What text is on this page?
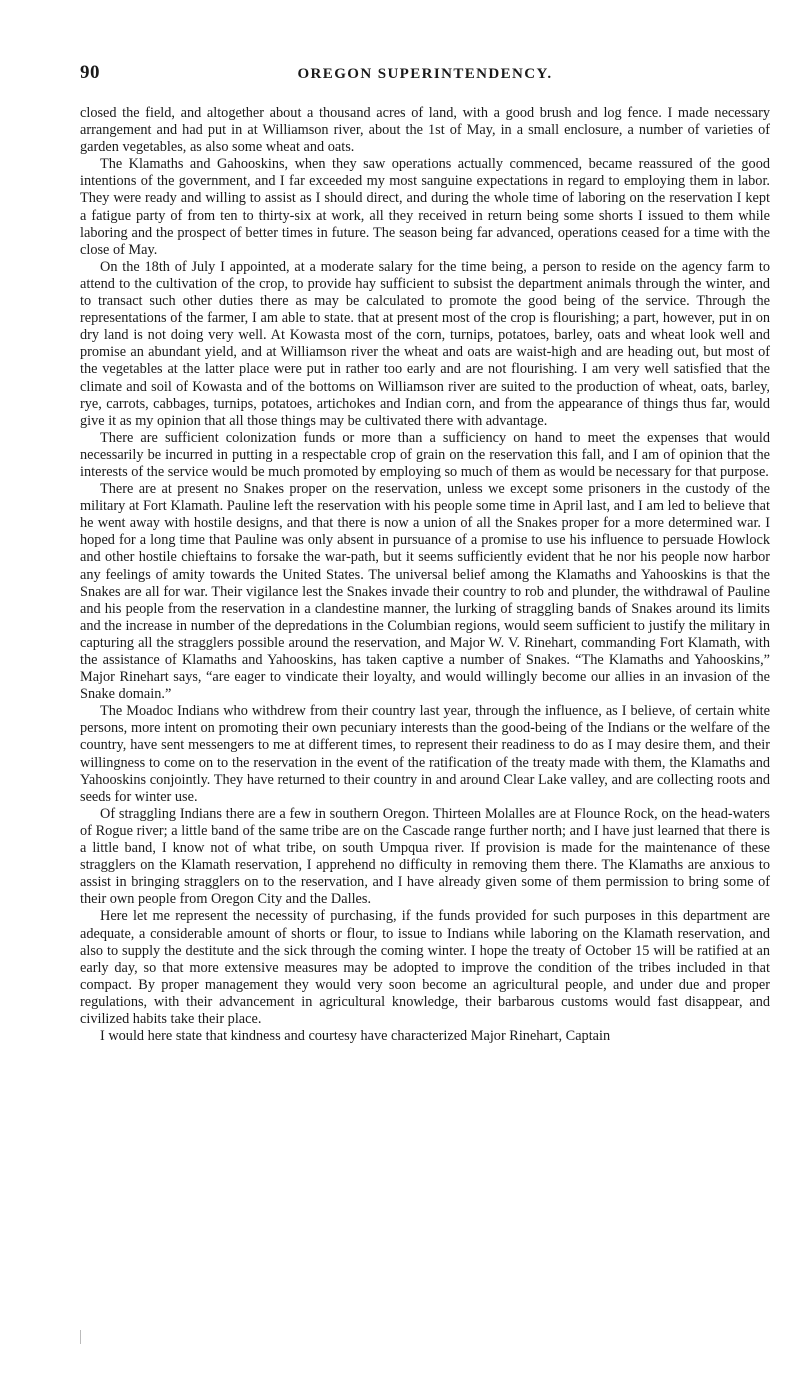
90	OREGON SUPERINTENDENCY.

closed the field, and altogether about a thousand acres of land, with a good brush and log fence. I made necessary arrangement and had put in at Williamson river, about the 1st of May, in a small enclosure, a number of varieties of garden vegetables, as also some wheat and oats.

The Klamaths and Gahooskins, when they saw operations actually commenced, became reassured of the good intentions of the government, and I far exceeded my most sanguine expectations in regard to employing them in labor. They were ready and willing to assist as I should direct, and during the whole time of laboring on the reservation I kept a fatigue party of from ten to thirty-six at work, all they received in return being some shorts I issued to them while laboring and the prospect of better times in future. The season being far advanced, operations ceased for a time with the close of May.

On the 18th of July I appointed, at a moderate salary for the time being, a person to reside on the agency farm to attend to the cultivation of the crop, to provide hay sufficient to subsist the department animals through the winter, and to transact such other duties there as may be calculated to promote the good being of the service. Through the representations of the farmer, I am able to state. that at present most of the crop is flourishing; a part, however, put in on dry land is not doing very well. At Kowasta most of the corn, turnips, potatoes, barley, oats and wheat look well and promise an abundant yield, and at Williamson river the wheat and oats are waist-high and are heading out, but most of the vegetables at the latter place were put in rather too early and are not flourishing. I am very well satisfied that the climate and soil of Kowasta and of the bottoms on Williamson river are suited to the production of wheat, oats, barley, rye, carrots, cabbages, turnips, potatoes, artichokes and Indian corn, and from the appearance of things thus far, would give it as my opinion that all those things may be cultivated there with advantage.

There are sufficient colonization funds or more than a sufficiency on hand to meet the expenses that would necessarily be incurred in putting in a respectable crop of grain on the reservation this fall, and I am of opinion that the interests of the service would be much promoted by employing so much of them as would be necessary for that purpose.

There are at present no Snakes proper on the reservation, unless we except some prisoners in the custody of the military at Fort Klamath. Pauline left the reservation with his people some time in April last, and I am led to believe that he went away with hostile designs, and that there is now a union of all the Snakes proper for a more determined war. I hoped for a long time that Pauline was only absent in pursuance of a promise to use his influence to persuade Howlock and other hostile chieftains to forsake the war-path, but it seems sufficiently evident that he nor his people now harbor any feelings of amity towards the United States. The universal belief among the Klamaths and Yahooskins is that the Snakes are all for war. Their vigilance lest the Snakes invade their country to rob and plunder, the withdrawal of Pauline and his people from the reservation in a clandestine manner, the lurking of straggling bands of Snakes around its limits and the increase in number of the depredations in the Columbian regions, would seem sufficient to justify the military in capturing all the stragglers possible around the reservation, and Major W. V. Rinehart, commanding Fort Klamath, with the assistance of Klamaths and Yahooskins, has taken captive a number of Snakes. “The Klamaths and Yahooskins,” Major Rinehart says, “are eager to vindicate their loyalty, and would willingly become our allies in an invasion of the Snake domain.”

The Moadoc Indians who withdrew from their country last year, through the influence, as I believe, of certain white persons, more intent on promoting their own pecuniary interests than the good-being of the Indians or the welfare of the country, have sent messengers to me at different times, to represent their readiness to do as I may desire them, and their willingness to come on to the reservation in the event of the ratification of the treaty made with them, the Klamaths and Yahooskins conjointly. They have returned to their country in and around Clear Lake valley, and are collecting roots and seeds for winter use.

Of straggling Indians there are a few in southern Oregon. Thirteen Molalles are at Flounce Rock, on the head-waters of Rogue river; a little band of the same tribe are on the Cascade range further north; and I have just learned that there is a little band, I know not of what tribe, on south Umpqua river. If provision is made for the maintenance of these stragglers on the Klamath reservation, I apprehend no difficulty in removing them there. The Klamaths are anxious to assist in bringing stragglers on to the reservation, and I have already given some of them permission to bring some of their own people from Oregon City and the Dalles.

Here let me represent the necessity of purchasing, if the funds provided for such purposes in this department are adequate, a considerable amount of shorts or flour, to issue to Indians while laboring on the Klamath reservation, and also to supply the destitute and the sick through the coming winter. I hope the treaty of October 15 will be ratified at an early day, so that more extensive measures may be adopted to improve the condition of the tribes included in that compact. By proper management they would very soon become an agricultural people, and under due and proper regulations, with their advancement in agricultural knowledge, their barbarous customs would fast disappear, and civilized habits take their place.

I would here state that kindness and courtesy have characterized Major Rinehart, Captain
